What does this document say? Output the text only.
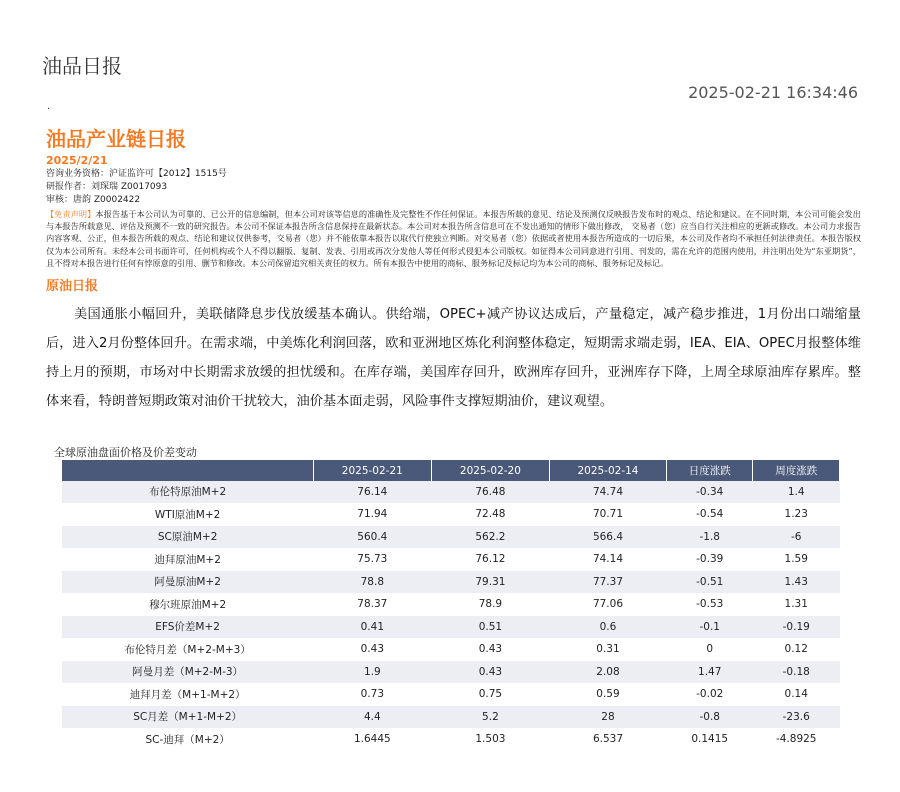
油品日报
2025-02-21 16:34:46
.
油品产业链日报
2025/2/21
咨询业务资格：沪证监许可【2012】1515号
研报作者：刘琛瑞 Z0017093
审核：唐韵 Z0002422
【免责声明】本报告基于本公司认为可靠的、已公开的信息编制，但本公司对该等信息的准确性及完整性不作任何保证。本报告所载的意见、结论及预测仅反映报告发布时的观点、结论和建议。在不同时期，本公司可能会发出与本报告所载意见、评估及预测不一致的研究报告。本公司不保证本报告所含信息保持在最新状态。本公司对本报告所含信息可在不发出通知的情形下做出修改， 交易者（您）应当自行关注相应的更新或修改。本公司力求报告内容客观、公正，但本报告所载的观点、结论和建议仅供参考，交易者（您）并不能依靠本报告以取代行使独立判断。对交易者（您）依据或者使用本报告所造成的一切后果，本公司及作者均不承担任何法律责任。本报告版权仅为本公司所有。未经本公司书面许可，任何机构或个人不得以翻版、复制、发表、引用或再次分发他人等任何形式侵犯本公司版权。如征得本公司同意进行引用、刊发的，需在允许的范围内使用，并注明出处为“东亚期货”，且不得对本报告进行任何有悖原意的引用、删节和修改。本公司保留追究相关责任的权力。所有本报告中使用的商标、服务标记及标记均为本公司的商标、服务标记及标记。
原油日报
美国通胀小幅回升，美联储降息步伐放缓基本确认。供给端，OPEC+减产协议达成后，产量稳定，减产稳步推进，1月份出口端缩量后，进入2月份整体回升。在需求端，中美炼化利润回落，欧和亚洲地区炼化利润整体稳定，短期需求端走弱，IEA、EIA、OPEC月报整体维持上月的预期，市场对中长期需求放缓的担忧缓和。在库存端，美国库存回升，欧洲库存回升，亚洲库存下降，上周全球原油库存累库。整体来看，特朗普短期政策对油价干扰较大，油价基本面走弱，风险事件支撑短期油价，建议观望。
全球原油盘面价格及价差变动
	2025-02-21	2025-02-20	2025-02-14	日度涨跌	周度涨跌
布伦特原油M+2	76.14	76.48	74.74	-0.34	1.4
WTI原油M+2	71.94	72.48	70.71	-0.54	1.23
SC原油M+2	560.4	562.2	566.4	-1.8	-6
迪拜原油M+2	75.73	76.12	74.14	-0.39	1.59
阿曼原油M+2	78.8	79.31	77.37	-0.51	1.43
穆尔班原油M+2	78.37	78.9	77.06	-0.53	1.31
EFS价差M+2	0.41	0.51	0.6	-0.1	-0.19
布伦特月差（M+2-M+3）	0.43	0.43	0.31	0	0.12
阿曼月差（M+2-M-3）	1.9	0.43	2.08	1.47	-0.18
迪拜月差（M+1-M+2）	0.73	0.75	0.59	-0.02	0.14
SC月差（M+1-M+2）	4.4	5.2	28	-0.8	-23.6
SC-迪拜（M+2）	1.6445	1.503	6.537	0.1415	-4.8925
